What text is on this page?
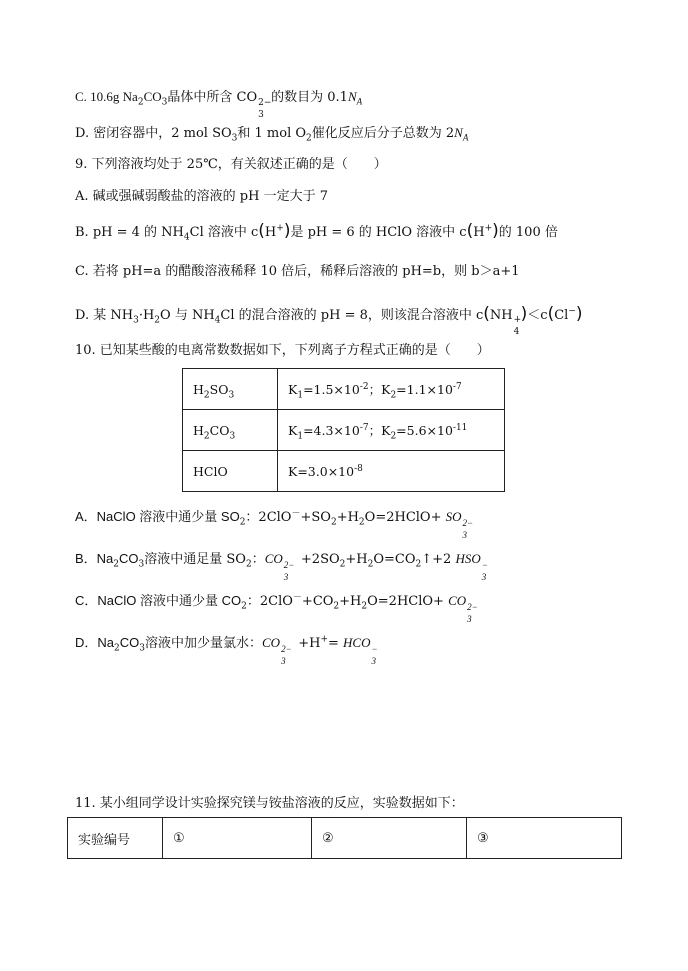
C. 10.6g $Na_2CO_3$晶体中所含 CO 2−
3
的数目为 $0.1N_A$
D. 密闭容器中，2 mol $SO_3$和 1 mol $O_2$催化反应后分子总数为 $2N_A$
9. 下列溶液均处于 25℃，有关叙述正确的是（　　）
A. 碱或强碱弱酸盐的溶液的 pH 一定大于 7
B. pH = 4 的 $NH_4Cl$ 溶液中 c(H+)是 pH = 6 的 HClO 溶液中 c(H+)的 100 倍
C. 若将 pH=a 的醋酸溶液稀释 10 倍后，稀释后溶液的 pH=b，则 b＞a+1
D. 某 $NH_3\cdot H_2O$ 与 $NH_4Cl$ 的混合溶液的 pH = 8，则该混合溶液中 c(NH +
4
)＜c(Cl−)
10. 已知某些酸的电离常数数据如下，下列离子方程式正确的是（　　）
$H_2SO_3$	$K_1=1.5\times 10^{-2}$；$K_2=1.1\times 10^{-7}$
$H_2CO_3$	$K_1=4.3\times 10^{-7}$；$K_2=5.6\times 10^{-11}$
HClO	$K=3.0\times 10^{-8}$
A．NaClO 溶液中通少量 $SO_2$：$2ClO^-+SO_2+H_2O=2HClO+$ SO 2−
3
B．$Na_2CO_3$溶液中通足量 $SO_2$：CO 2−
3
$+2SO_2+H_2O=CO_2↑+2$ HSO −
3
C．NaClO 溶液中通少量 $CO_2$：$2ClO^-+CO_2+H_2O=2HClO+$ CO 2−
3
D．$Na_2CO_3$溶液中加少量氯水：CO 2−
3
+H+= HCO −
3
11. 某小组同学设计实验探究镁与铵盐溶液的反应，实验数据如下：
实验编号	①	②	③
